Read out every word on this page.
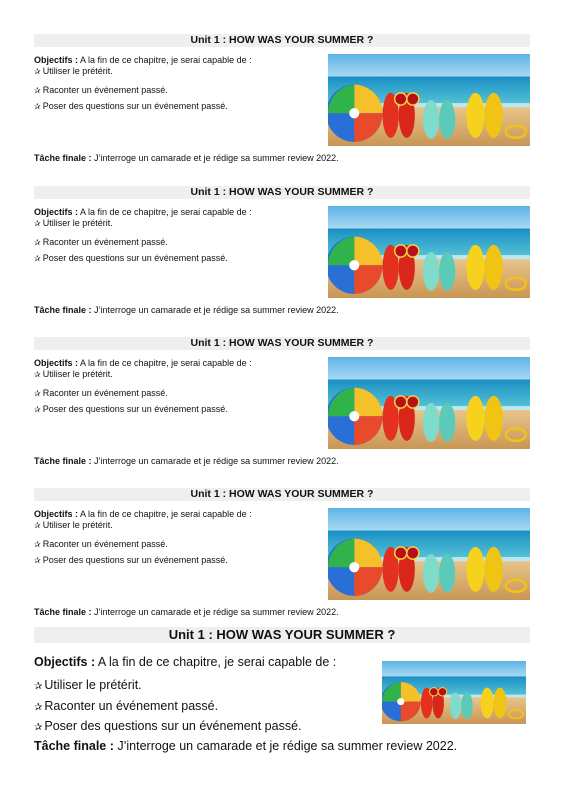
Unit 1 : HOW WAS YOUR SUMMER ?
Objectifs : A la fin de ce chapitre, je serai capable de :
✰ Utiliser le prétérit.
✰ Raconter un événement passé.
✰ Poser des questions sur un événement passé.
Tâche finale : J’interroge un camarade et je rédige sa summer review 2022.
Unit 1 : HOW WAS YOUR SUMMER ?
Objectifs : A la fin de ce chapitre, je serai capable de :
✰ Utiliser le prétérit.
✰ Raconter un événement passé.
✰ Poser des questions sur un événement passé.
Tâche finale : J’interroge un camarade et je rédige sa summer review 2022.
Unit 1 : HOW WAS YOUR SUMMER ?
Objectifs : A la fin de ce chapitre, je serai capable de :
✰ Utiliser le prétérit.
✰ Raconter un événement passé.
✰ Poser des questions sur un événement passé.
Tâche finale : J’interroge un camarade et je rédige sa summer review 2022.
Unit 1 : HOW WAS YOUR SUMMER ?
Objectifs : A la fin de ce chapitre, je serai capable de :
✰ Utiliser le prétérit.
✰ Raconter un événement passé.
✰ Poser des questions sur un événement passé.
Tâche finale : J’interroge un camarade et je rédige sa summer review 2022.
Unit 1 : HOW WAS YOUR SUMMER ?
Objectifs : A la fin de ce chapitre, je serai capable de :
✰ Utiliser le prétérit.
✰ Raconter un événement passé.
✰ Poser des questions sur un événement passé.
Tâche finale : J’interroge un camarade et je rédige sa summer review 2022.
